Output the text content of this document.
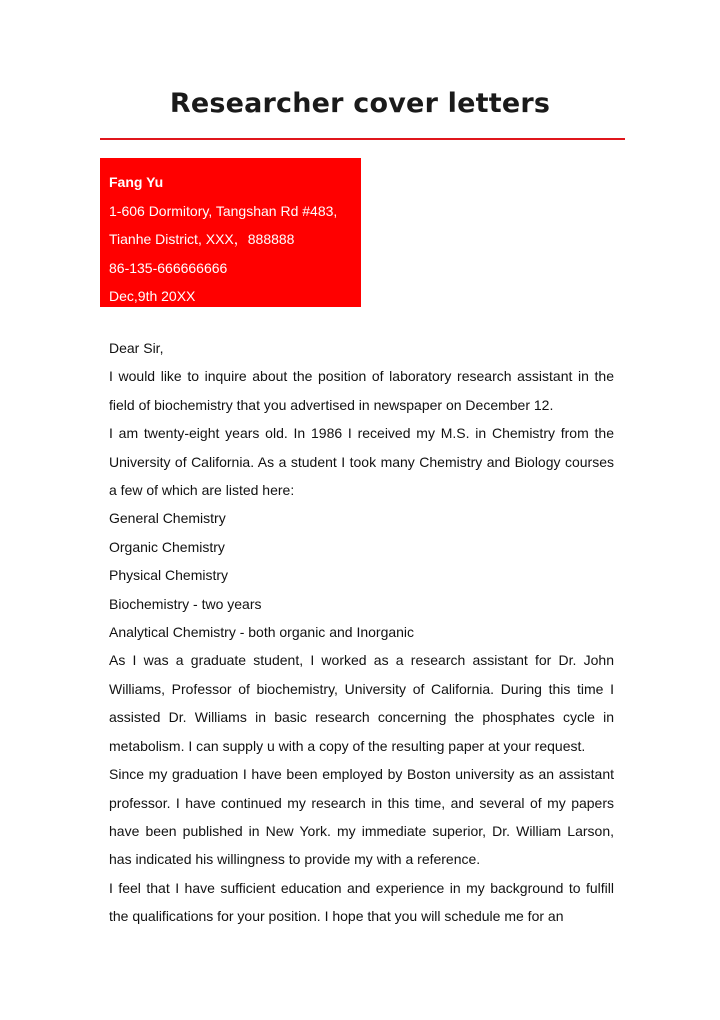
Researcher cover letters
Fang Yu
1-606 Dormitory, Tangshan Rd #483,
Tianhe District, XXX，888888
86-135-666666666
Dec,9th 20XX

Dear Sir,

I would like to inquire about the position of laboratory research assistant in the field of biochemistry that you advertised in newspaper on December 12.

I am twenty-eight years old. In 1986 I received my M.S. in Chemistry from the University of California. As a student I took many Chemistry and Biology courses a few of which are listed here:

General Chemistry

Organic Chemistry

Physical Chemistry

Biochemistry - two years

Analytical Chemistry - both organic and Inorganic

As I was a graduate student, I worked as a research assistant for Dr. John Williams, Professor of biochemistry, University of California. During this time I assisted Dr. Williams in basic research concerning the phosphates cycle in metabolism. I can supply u with a copy of the resulting paper at your request.

Since my graduation I have been employed by Boston university as an assistant professor. I have continued my research in this time, and several of my papers have been published in New York. my immediate superior, Dr. William Larson, has indicated his willingness to provide my with a reference.

I feel that I have sufficient education and experience in my background to fulfill the qualifications for your position. I hope that you will schedule me for an
